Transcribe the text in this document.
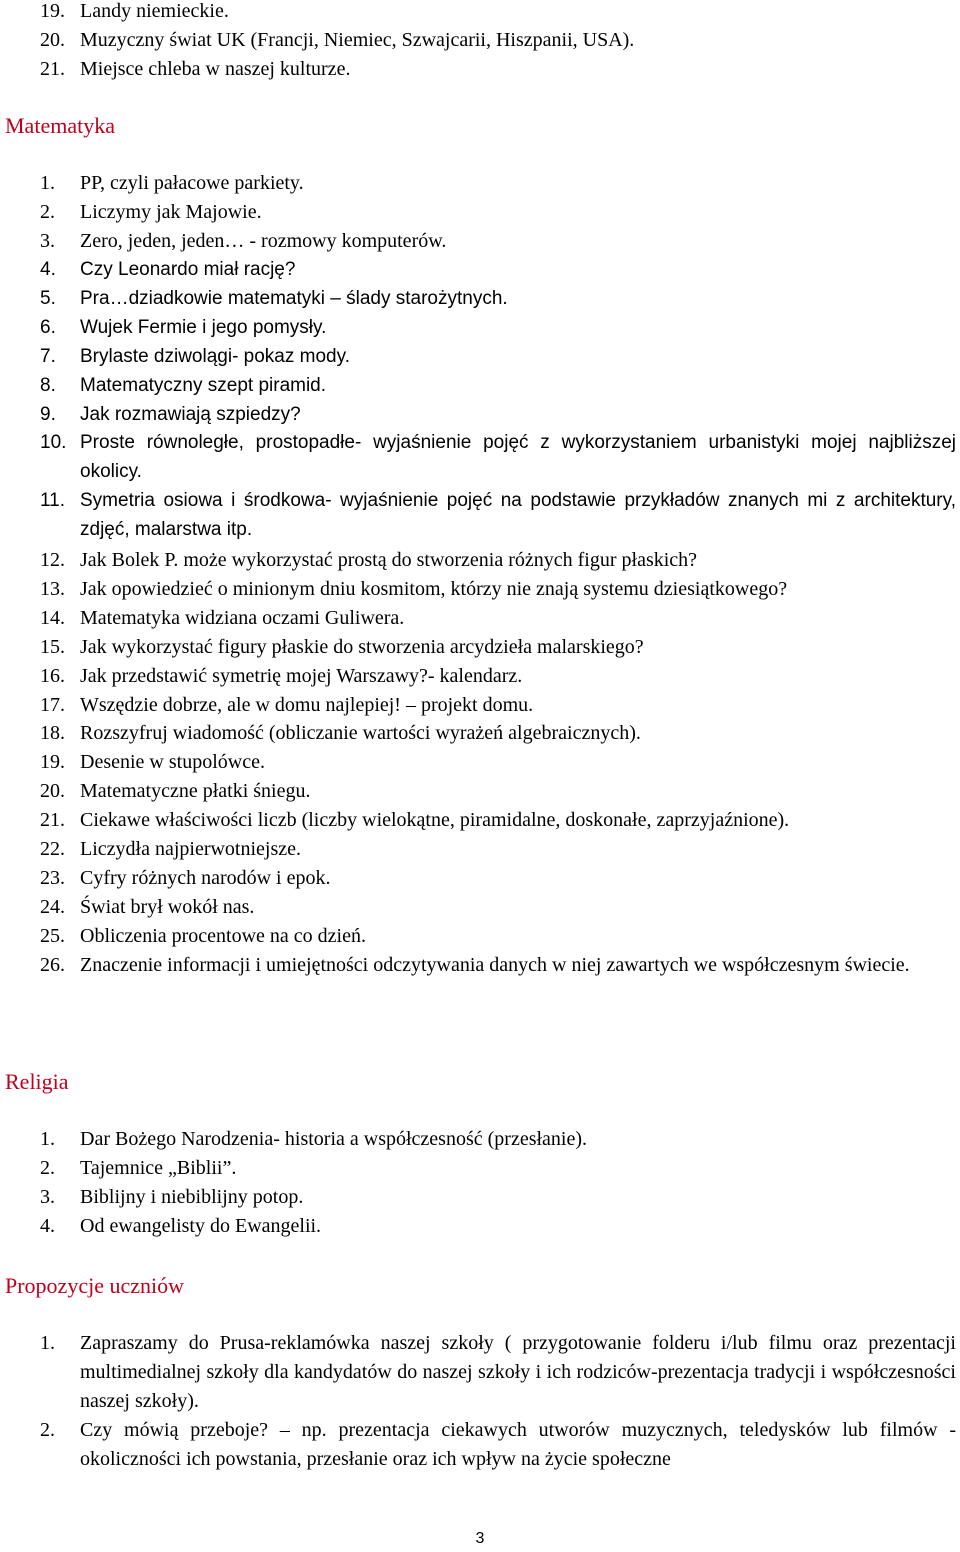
19. Landy niemieckie.
20. Muzyczny świat UK (Francji, Niemiec, Szwajcarii, Hiszpanii, USA).
21. Miejsce chleba w naszej kulturze.
Matematyka
1. PP, czyli pałacowe parkiety.
2. Liczymy jak Majowie.
3. Zero, jeden, jeden… - rozmowy komputerów.
4. Czy Leonardo miał rację?
5. Pra…dziadkowie matematyki – ślady starożytnych.
6. Wujek Fermie i jego pomysły.
7. Brylaste dziwolągi- pokaz mody.
8. Matematyczny szept piramid.
9. Jak rozmawiają szpiedzy?
10. Proste równoległe, prostopadłe- wyjaśnienie pojęć z wykorzystaniem urbanistyki mojej najbliższej okolicy.
11. Symetria osiowa i środkowa- wyjaśnienie pojęć na podstawie przykładów znanych mi z architektury, zdjęć, malarstwa itp.
12. Jak Bolek P. może wykorzystać prostą do stworzenia różnych figur płaskich?
13. Jak opowiedzieć o minionym dniu kosmitom, którzy nie znają systemu dziesiątkowego?
14. Matematyka widziana oczami Guliwera.
15. Jak wykorzystać figury płaskie do stworzenia arcydzieła malarskiego?
16. Jak przedstawić symetrię mojej Warszawy?- kalendarz.
17. Wszędzie dobrze, ale w domu najlepiej! – projekt domu.
18. Rozszyfruj wiadomość (obliczanie wartości wyrażeń algebraicznych).
19. Desenie w stupolówce.
20. Matematyczne płatki śniegu.
21. Ciekawe właściwości liczb (liczby wielokątne, piramidalne, doskonałe, zaprzyjaźnione).
22. Liczydła najpierwotniejsze.
23. Cyfry różnych narodów i epok.
24. Świat brył wokół nas.
25. Obliczenia procentowe na co dzień.
26. Znaczenie informacji i umiejętności odczytywania danych w niej zawartych we współczesnym świecie.
Religia
1. Dar Bożego Narodzenia- historia a współczesność (przesłanie).
2. Tajemnice „Biblii”.
3. Biblijny i niebiblijny potop.
4. Od ewangelisty do Ewangelii.
Propozycje uczniów
1. Zapraszamy do Prusa-reklamówka naszej szkoły ( przygotowanie folderu i/lub filmu oraz prezentacji multimedialnej szkoły dla kandydatów do naszej szkoły i ich rodziców-prezentacja tradycji i współczesności naszej szkoły).
2. Czy mówią przeboje? – np. prezentacja ciekawych utworów muzycznych, teledysków lub filmów - okoliczności ich powstania, przesłanie oraz ich wpływ na życie społeczne
3
